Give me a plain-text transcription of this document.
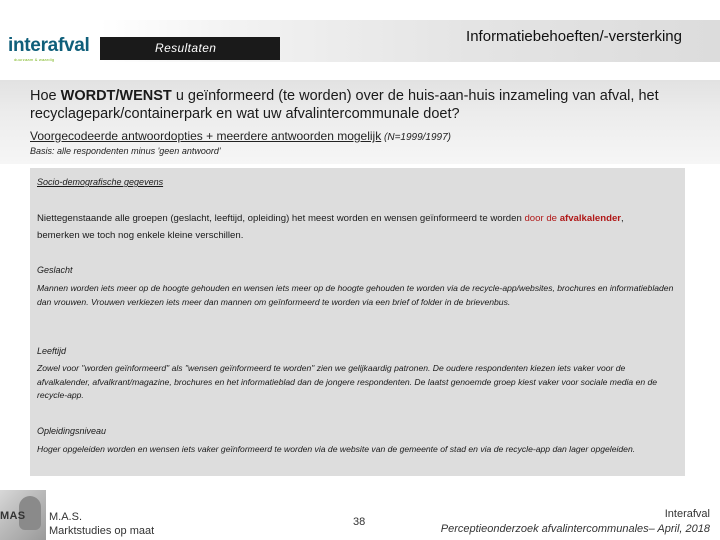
interafval
duurzaam & waardig
Informatiebehoeften/-versterking
Resultaten
Hoe WORDT/WENST u geïnformeerd (te worden) over de huis-aan-huis inzameling van afval, het recyclagepark/containerpark en wat uw afvalintercommunale doet?
Voorgecodeerde antwoordopties + meerdere antwoorden mogelijk (N=1999/1997)
Basis: alle respondenten minus 'geen antwoord'
Socio-demografische gegevens
Niettegenstaande alle groepen (geslacht, leeftijd, opleiding) het meest worden en wensen geïnformeerd te worden door de afvalkalender, bemerken we toch nog enkele kleine verschillen.
Geslacht
Mannen worden iets meer op de hoogte gehouden en wensen iets meer op de hoogte gehouden te worden via de recycle-app/websites, brochures en informatiebladen dan vrouwen. Vrouwen verkiezen iets meer dan mannen om geïnformeerd te worden via een brief of folder in de brievenbus.
Leeftijd
Zowel voor "worden geïnformeerd" als "wensen geïnformeerd te worden" zien we gelijkaardig patronen. De oudere respondenten kiezen iets vaker voor de afvalkalender, afvalkrant/magazine, brochures en het informatieblad dan de jongere respondenten. De laatst genoemde groep kiest vaker voor sociale media en de recycle-app.
Opleidingsniveau
Hoger opgeleiden worden en wensen iets vaker geïnformeerd te worden via de website van de gemeente of stad en via de recycle-app dan lager opgeleiden.
MAS M.A.S.
Marktstudies op maat
38
Interafval
Perceptieonderzoek afvalintercommunales– April, 2018
